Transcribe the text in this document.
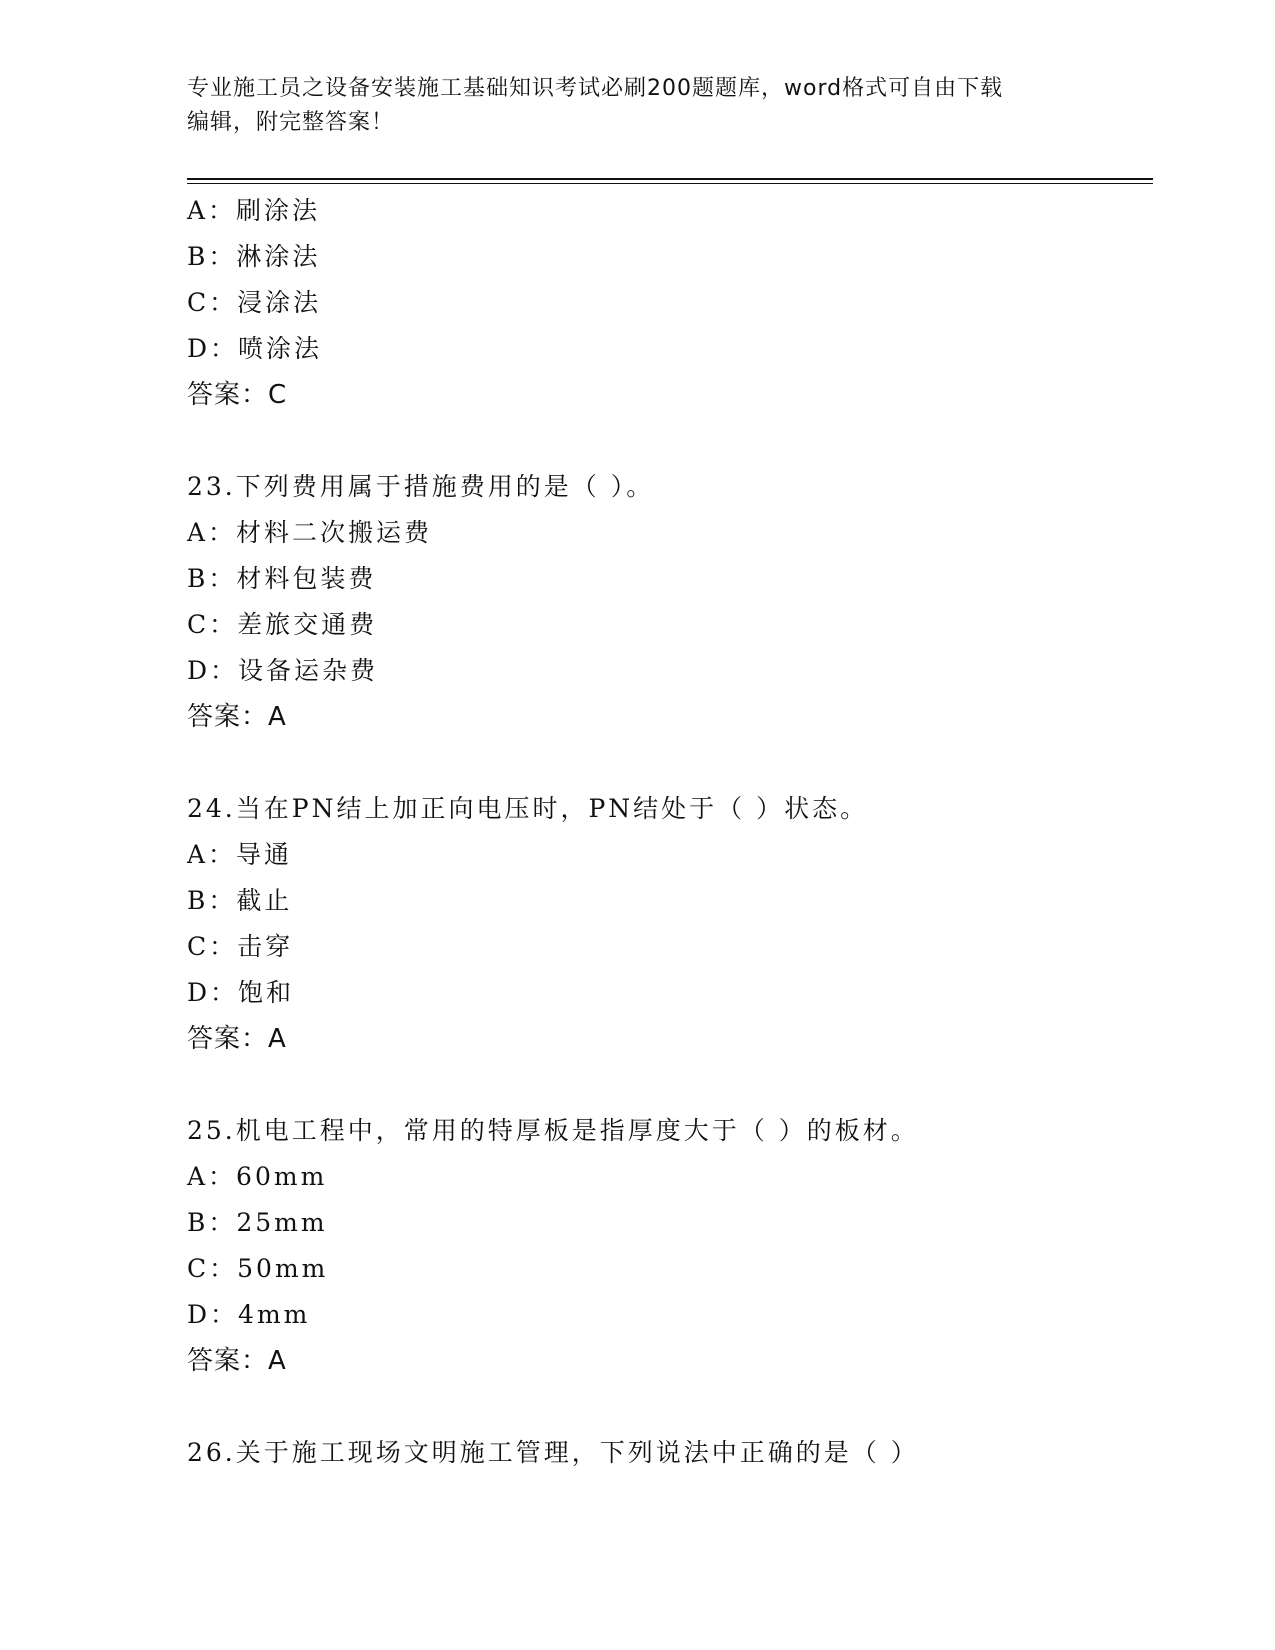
专业施工员之设备安装施工基础知识考试必刷200题题库，word格式可自由下载
编辑，附完整答案！
A：刷涂法
B：淋涂法
C：浸涂法
D：喷涂法
答案：C
23.下列费用属于措施费用的是（ ）。
A：材料二次搬运费
B：材料包装费
C：差旅交通费
D：设备运杂费
答案：A
24.当在PN结上加正向电压时，PN结处于（ ）状态。
A：导通
B：截止
C：击穿
D：饱和
答案：A
25.机电工程中，常用的特厚板是指厚度大于（ ）的板材。
A：60mm
B：25mm
C：50mm
D：4mm
答案：A
26.关于施工现场文明施工管理，下列说法中正确的是（ ）
